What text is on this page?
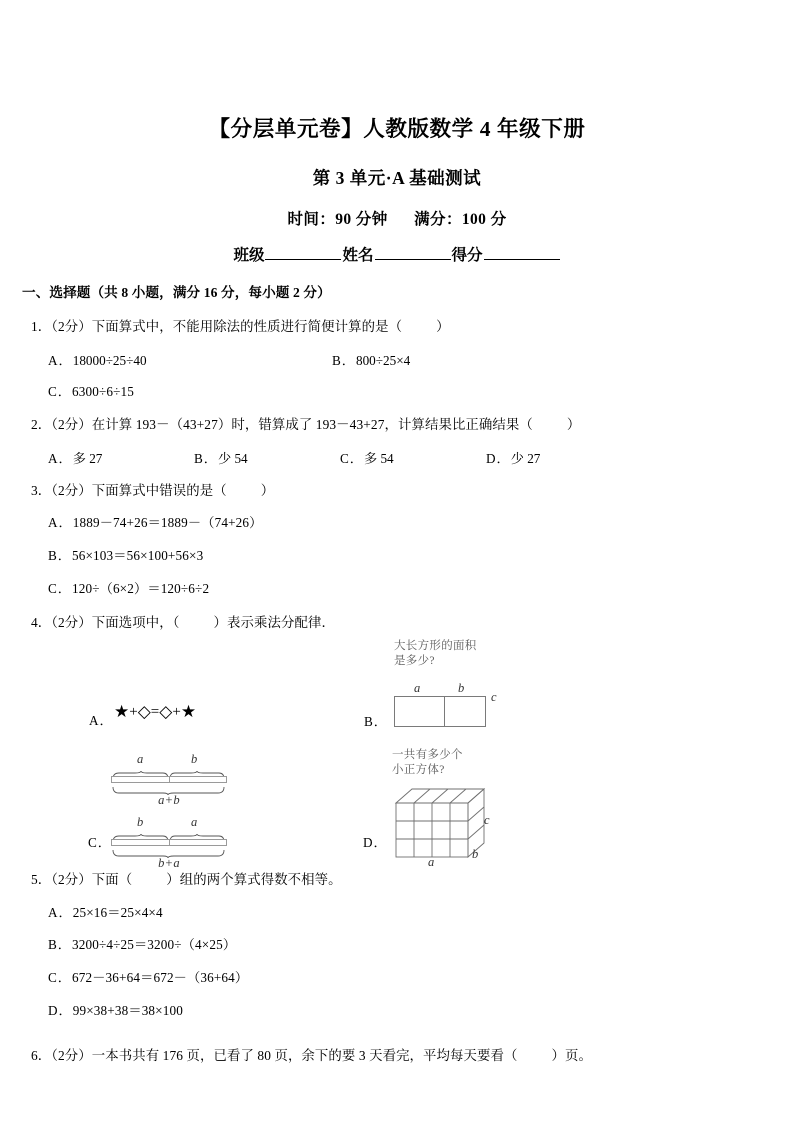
【分层单元卷】人教版数学 4 年级下册
第 3 单元·A 基础测试
时间：90 分钟 满分：100 分
班级	姓名	得分
一、选择题（共 8 小题，满分 16 分，每小题 2 分）
1．（2分）下面算式中，不能用除法的性质进行简便计算的是（	）
A．18000÷25÷40	B．800÷25×4
C．6300÷6÷15
2．（2分）在计算 193－（43+27）时，错算成了 193－43+27，计算结果比正确结果（	）
A．多 27	B．少 54	C．多 54	D．少 27
3．（2分）下面算式中错误的是（	）
A．1889－74+26＝1889－（74+26）
B．56×103＝56×100+56×3
C．120÷（6×2）＝120÷6÷2
4．（2分）下面选项中，（	）表示乘法分配律．
大长方形的面积
是多少?
a	b
c
B．
A． ★+◇=◇+★
a	b
a+b
b	a
b+a
C．
一共有多少个
小正方体?
a
b
c
D．
5．（2分）下面（	）组的两个算式得数不相等。
A．25×16＝25×4×4
B．3200÷4÷25＝3200÷（4×25）
C．672－36+64＝672－（36+64）
D．99×38+38＝38×100
6．（2分）一本书共有 176 页，已看了 80 页，余下的要 3 天看完，平均每天要看（	）页。
